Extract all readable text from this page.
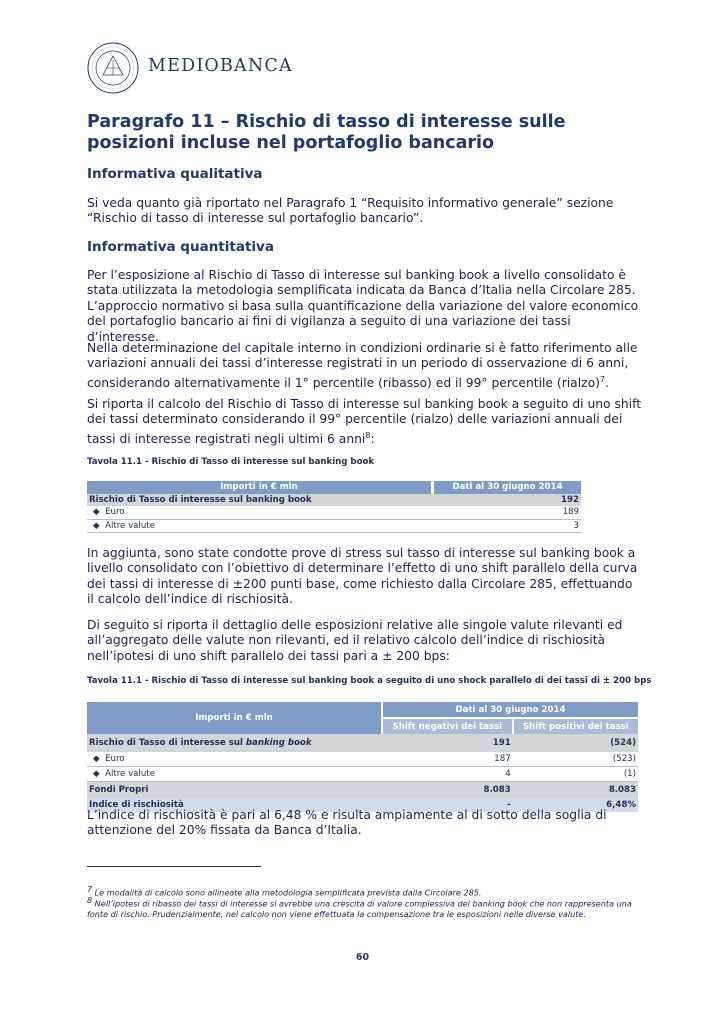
MEDIOBANCA
Paragrafo 11 – Rischio di tasso di interesse sulle posizioni incluse nel portafoglio bancario
Informativa qualitativa

Si veda quanto già riportato nel Paragrafo 1 “Requisito informativo generale” sezione “Rischio di tasso di interesse sul portafoglio bancario”.

Informativa quantitativa

Per l’esposizione al Rischio di Tasso di interesse sul banking book a livello consolidato è stata utilizzata la metodologia semplificata indicata da Banca d’Italia nella Circolare 285. L’approccio normativo si basa sulla quantificazione della variazione del valore economico del portafoglio bancario ai fini di vigilanza a seguito di una variazione dei tassi d’interesse.

Nella determinazione del capitale interno in condizioni ordinarie si è fatto riferimento alle variazioni annuali dei tassi d’interesse registrati in un periodo di osservazione di 6 anni, considerando alternativamente il 1° percentile (ribasso) ed il 99° percentile (rialzo)$^7$.

Si riporta il calcolo del Rischio di Tasso di interesse sul banking book a seguito di uno shift dei tassi determinato considerando il 99° percentile (rialzo) delle variazioni annuali dei tassi di interesse registrati negli ultimi 6 anni$^8$:

Tavola 11.1 - Rischio di Tasso di interesse sul banking book
Importi in € mln	Dati al 30 giugno 2014
Rischio di Tasso di interesse sul banking book	192
◆ Euro	189
◆ Altre valute	3

In aggiunta, sono state condotte prove di stress sul tasso di interesse sul banking book a livello consolidato con l’obiettivo di determinare l’effetto di uno shift parallelo della curva dei tassi di interesse di ±200 punti base, come richiesto dalla Circolare 285, effettuando il calcolo dell’indice di rischiosità.

Di seguito si riporta il dettaglio delle esposizioni relative alle singole valute rilevanti ed all’aggregato delle valute non rilevanti, ed il relativo calcolo dell’indice di rischiosità nell’ipotesi di uno shift parallelo dei tassi pari a ± 200 bps:

Tavola 11.1 - Rischio di Tasso di interesse sul banking book a seguito di uno shock parallelo di dei tassi di ± 200 bps
Importi in € mln	Dati al 30 giugno 2014	
	Shift negativi dei tassi	Shift positivi dei tassi
Rischio di Tasso di interesse sul banking book	191	(524)
◆ Euro	187	(523)
◆ Altre valute	4	(1)
Fondi Propri	8.083	8.083
Indice di rischiosità	-	6,48%

L’indice di rischiosità è pari al 6,48 % e risulta ampiamente al di sotto della soglia di attenzione del 20% fissata da Banca d’Italia.

$^7$ Le modalità di calcolo sono allineate alla metodologia semplificata prevista dalla Circolare 285.
$^8$ Nell’ipotesi di ribasso dei tassi di interesse si avrebbe una crescita di valore complessiva del banking book che non rappresenta una fonte di rischio. Prudenzialmente, nel calcolo non viene effettuata la compensazione tra le esposizioni nelle diverse valute.
60
